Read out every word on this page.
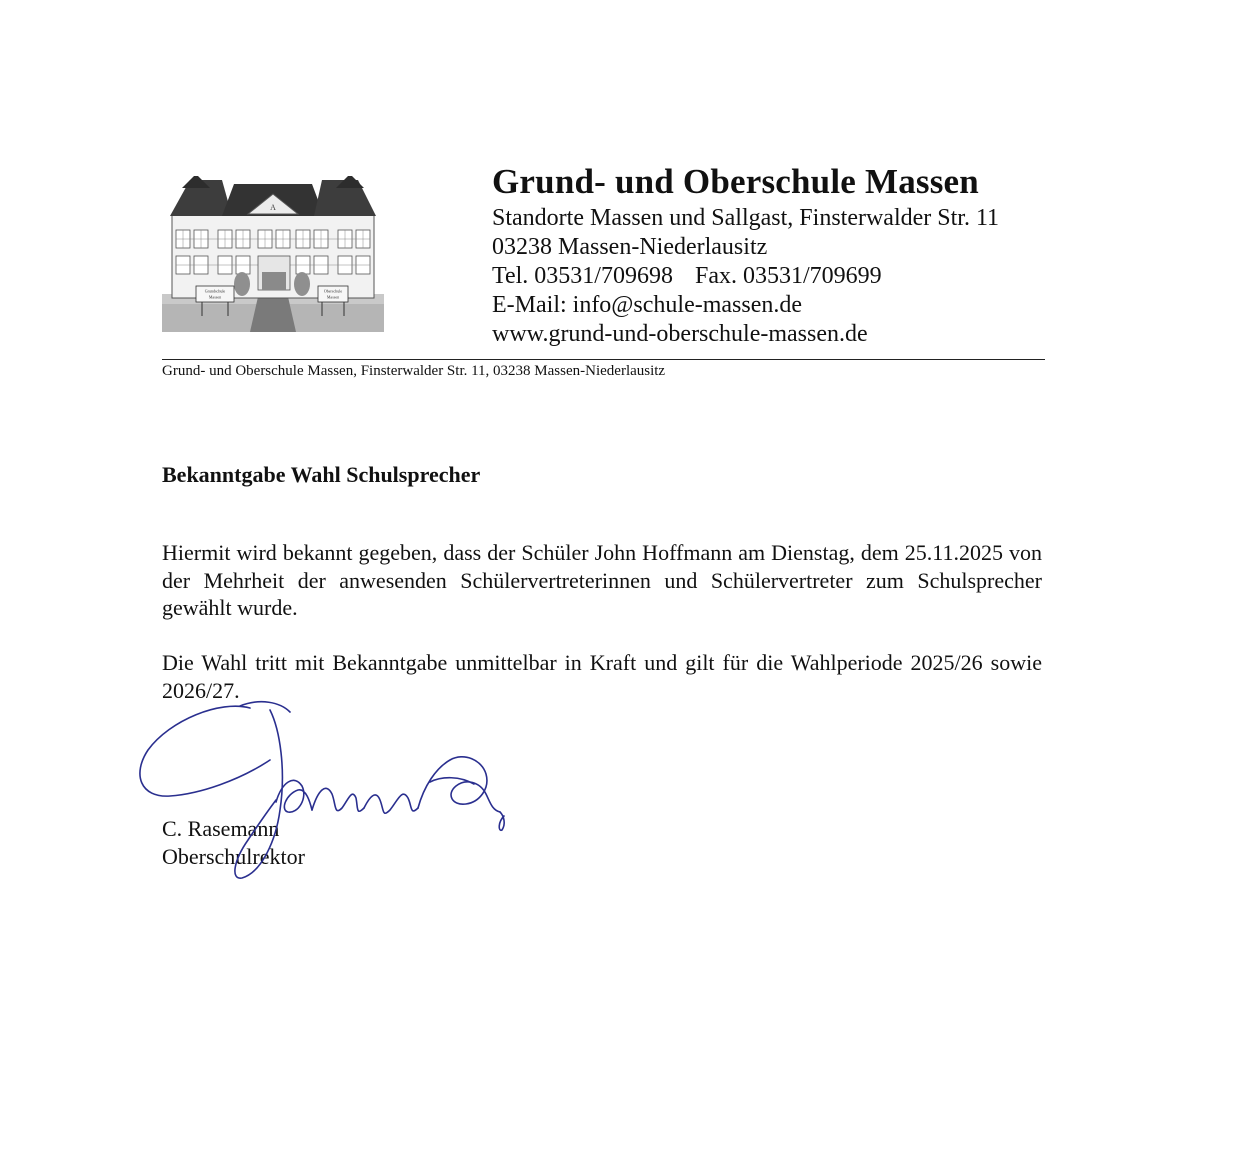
A
Grundschule
Massen
Oberschule
Massen
Grund- und Oberschule Massen

Standorte Massen und Sallgast, Finsterwalder Str. 11

03238 Massen-Niederlausitz

Tel. 03531/709698 Fax. 03531/709699

E-Mail: info@schule-massen.de

www.grund-und-oberschule-massen.de

Grund- und Oberschule Massen, Finsterwalder Str. 11, 03238 Massen-Niederlausitz
Bekanntgabe Wahl Schulsprecher

Hiermit wird bekannt gegeben, dass der Schüler John Hoffmann am Dienstag, dem 25.11.2025 von der Mehrheit der anwesenden Schülervertreterinnen und Schülervertreter zum Schulsprecher gewählt wurde.

Die Wahl tritt mit Bekanntgabe unmittelbar in Kraft und gilt für die Wahlperiode 2025/26 sowie 2026/27.

C. Rasemann
Oberschulrektor
